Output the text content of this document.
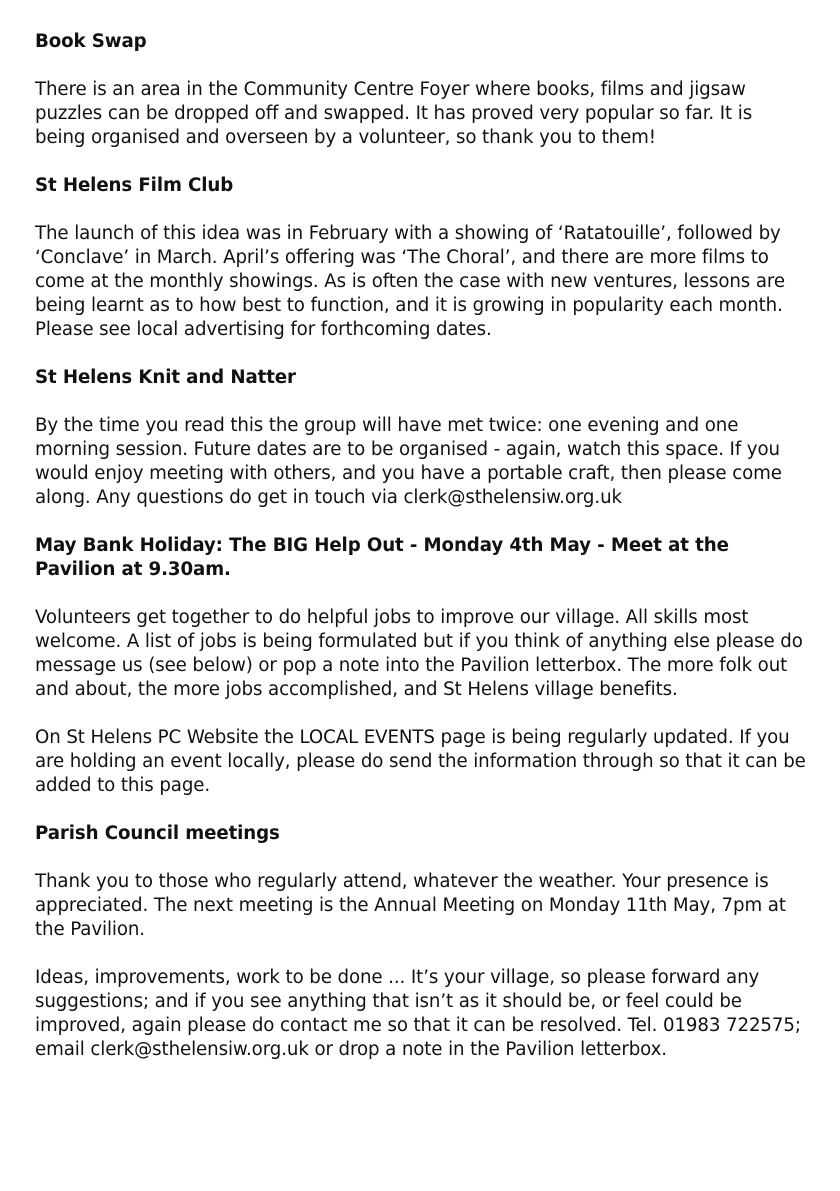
Book Swap

There is an area in the Community Centre Foyer where books, films and jigsaw puzzles can be dropped off and swapped. It has proved very popular so far. It is being organised and overseen by a volunteer, so thank you to them!

St Helens Film Club

The launch of this idea was in February with a showing of ‘Ratatouille’, followed by ‘Conclave’ in March. April’s offering was ‘The Choral’, and there are more films to come at the monthly showings. As is often the case with new ventures, lessons are being learnt as to how best to function, and it is growing in popularity each month. Please see local advertising for forthcoming dates.

St Helens Knit and Natter

By the time you read this the group will have met twice: one evening and one morning session. Future dates are to be organised - again, watch this space. If you would enjoy meeting with others, and you have a portable craft, then please come along. Any questions do get in touch via clerk@sthelensiw.org.uk

May Bank Holiday: The BIG Help Out - Monday 4th May - Meet at the Pavilion at 9.30am.

Volunteers get together to do helpful jobs to improve our village. All skills most welcome. A list of jobs is being formulated but if you think of anything else please do message us (see below) or pop a note into the Pavilion letterbox. The more folk out and about, the more jobs accomplished, and St Helens village benefits.

On St Helens PC Website the LOCAL EVENTS page is being regularly updated. If you are holding an event locally, please do send the information through so that it can be added to this page.

Parish Council meetings

Thank you to those who regularly attend, whatever the weather. Your presence is appreciated. The next meeting is the Annual Meeting on Monday 11th May, 7pm at the Pavilion.

Ideas, improvements, work to be done ... It’s your village, so please forward any suggestions; and if you see anything that isn’t as it should be, or feel could be improved, again please do contact me so that it can be resolved. Tel. 01983 722575; email clerk@sthelensiw.org.uk or drop a note in the Pavilion letterbox.
